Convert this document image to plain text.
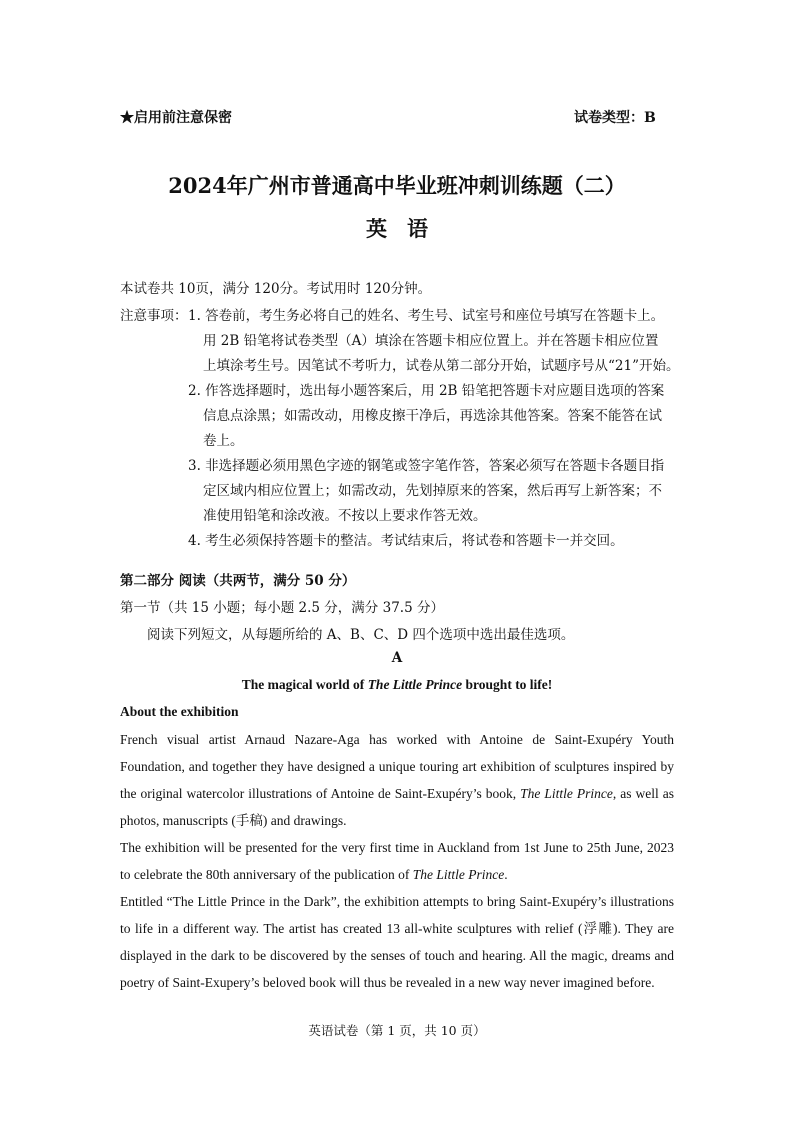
★启用前注意保密	试卷类型：B
2024年广州市普通高中毕业班冲刺训练题（二）
英语
本试卷共 10页，满分 120分。考试用时 120分钟。
注意事项： 1. 答卷前，考生务必将自己的姓名、考生号、试室号和座位号填写在答题卡上。
用 2B 铅笔将试卷类型（A）填涂在答题卡相应位置上。并在答题卡相应位置
上填涂考生号。因笔试不考听力，试卷从第二部分开始，试题序号从“21”开始。
2. 作答选择题时，选出每小题答案后，用 2B 铅笔把答题卡对应题目选项的答案
信息点涂黑；如需改动，用橡皮擦干净后，再选涂其他答案。答案不能答在试
卷上。
3. 非选择题必须用黑色字迹的钢笔或签字笔作答，答案必须写在答题卡各题目指
定区域内相应位置上；如需改动，先划掉原来的答案，然后再写上新答案；不
准使用铅笔和涂改液。不按以上要求作答无效。
4. 考生必须保持答题卡的整洁。考试结束后，将试卷和答题卡一并交回。
第二部分 阅读（共两节，满分 50 分）
第一节（共 15 小题；每小题 2.5 分，满分 37.5 分）
阅读下列短文，从每题所给的 A、B、C、D 四个选项中选出最佳选项。
A
The magical world of The Little Prince brought to life!
About the exhibition
French visual artist Arnaud Nazare-Aga has worked with Antoine de Saint-Exupéry Youth Foundation, and together they have designed a unique touring art exhibition of sculptures inspired by the original watercolor illustrations of Antoine de Saint-Exupéry’s book, The Little Prince, as well as photos, manuscripts (手稿) and drawings.
The exhibition will be presented for the very first time in Auckland from 1st June to 25th June, 2023 to celebrate the 80th anniversary of the publication of The Little Prince.
Entitled “The Little Prince in the Dark”, the exhibition attempts to bring Saint-Exupéry’s illustrations to life in a different way. The artist has created 13 all-white sculptures with relief (浮雕). They are displayed in the dark to be discovered by the senses of touch and hearing. All the magic, dreams and poetry of Saint-Exupery’s beloved book will thus be revealed in a new way never imagined before.
英语试卷（第 1 页，共 10 页）
